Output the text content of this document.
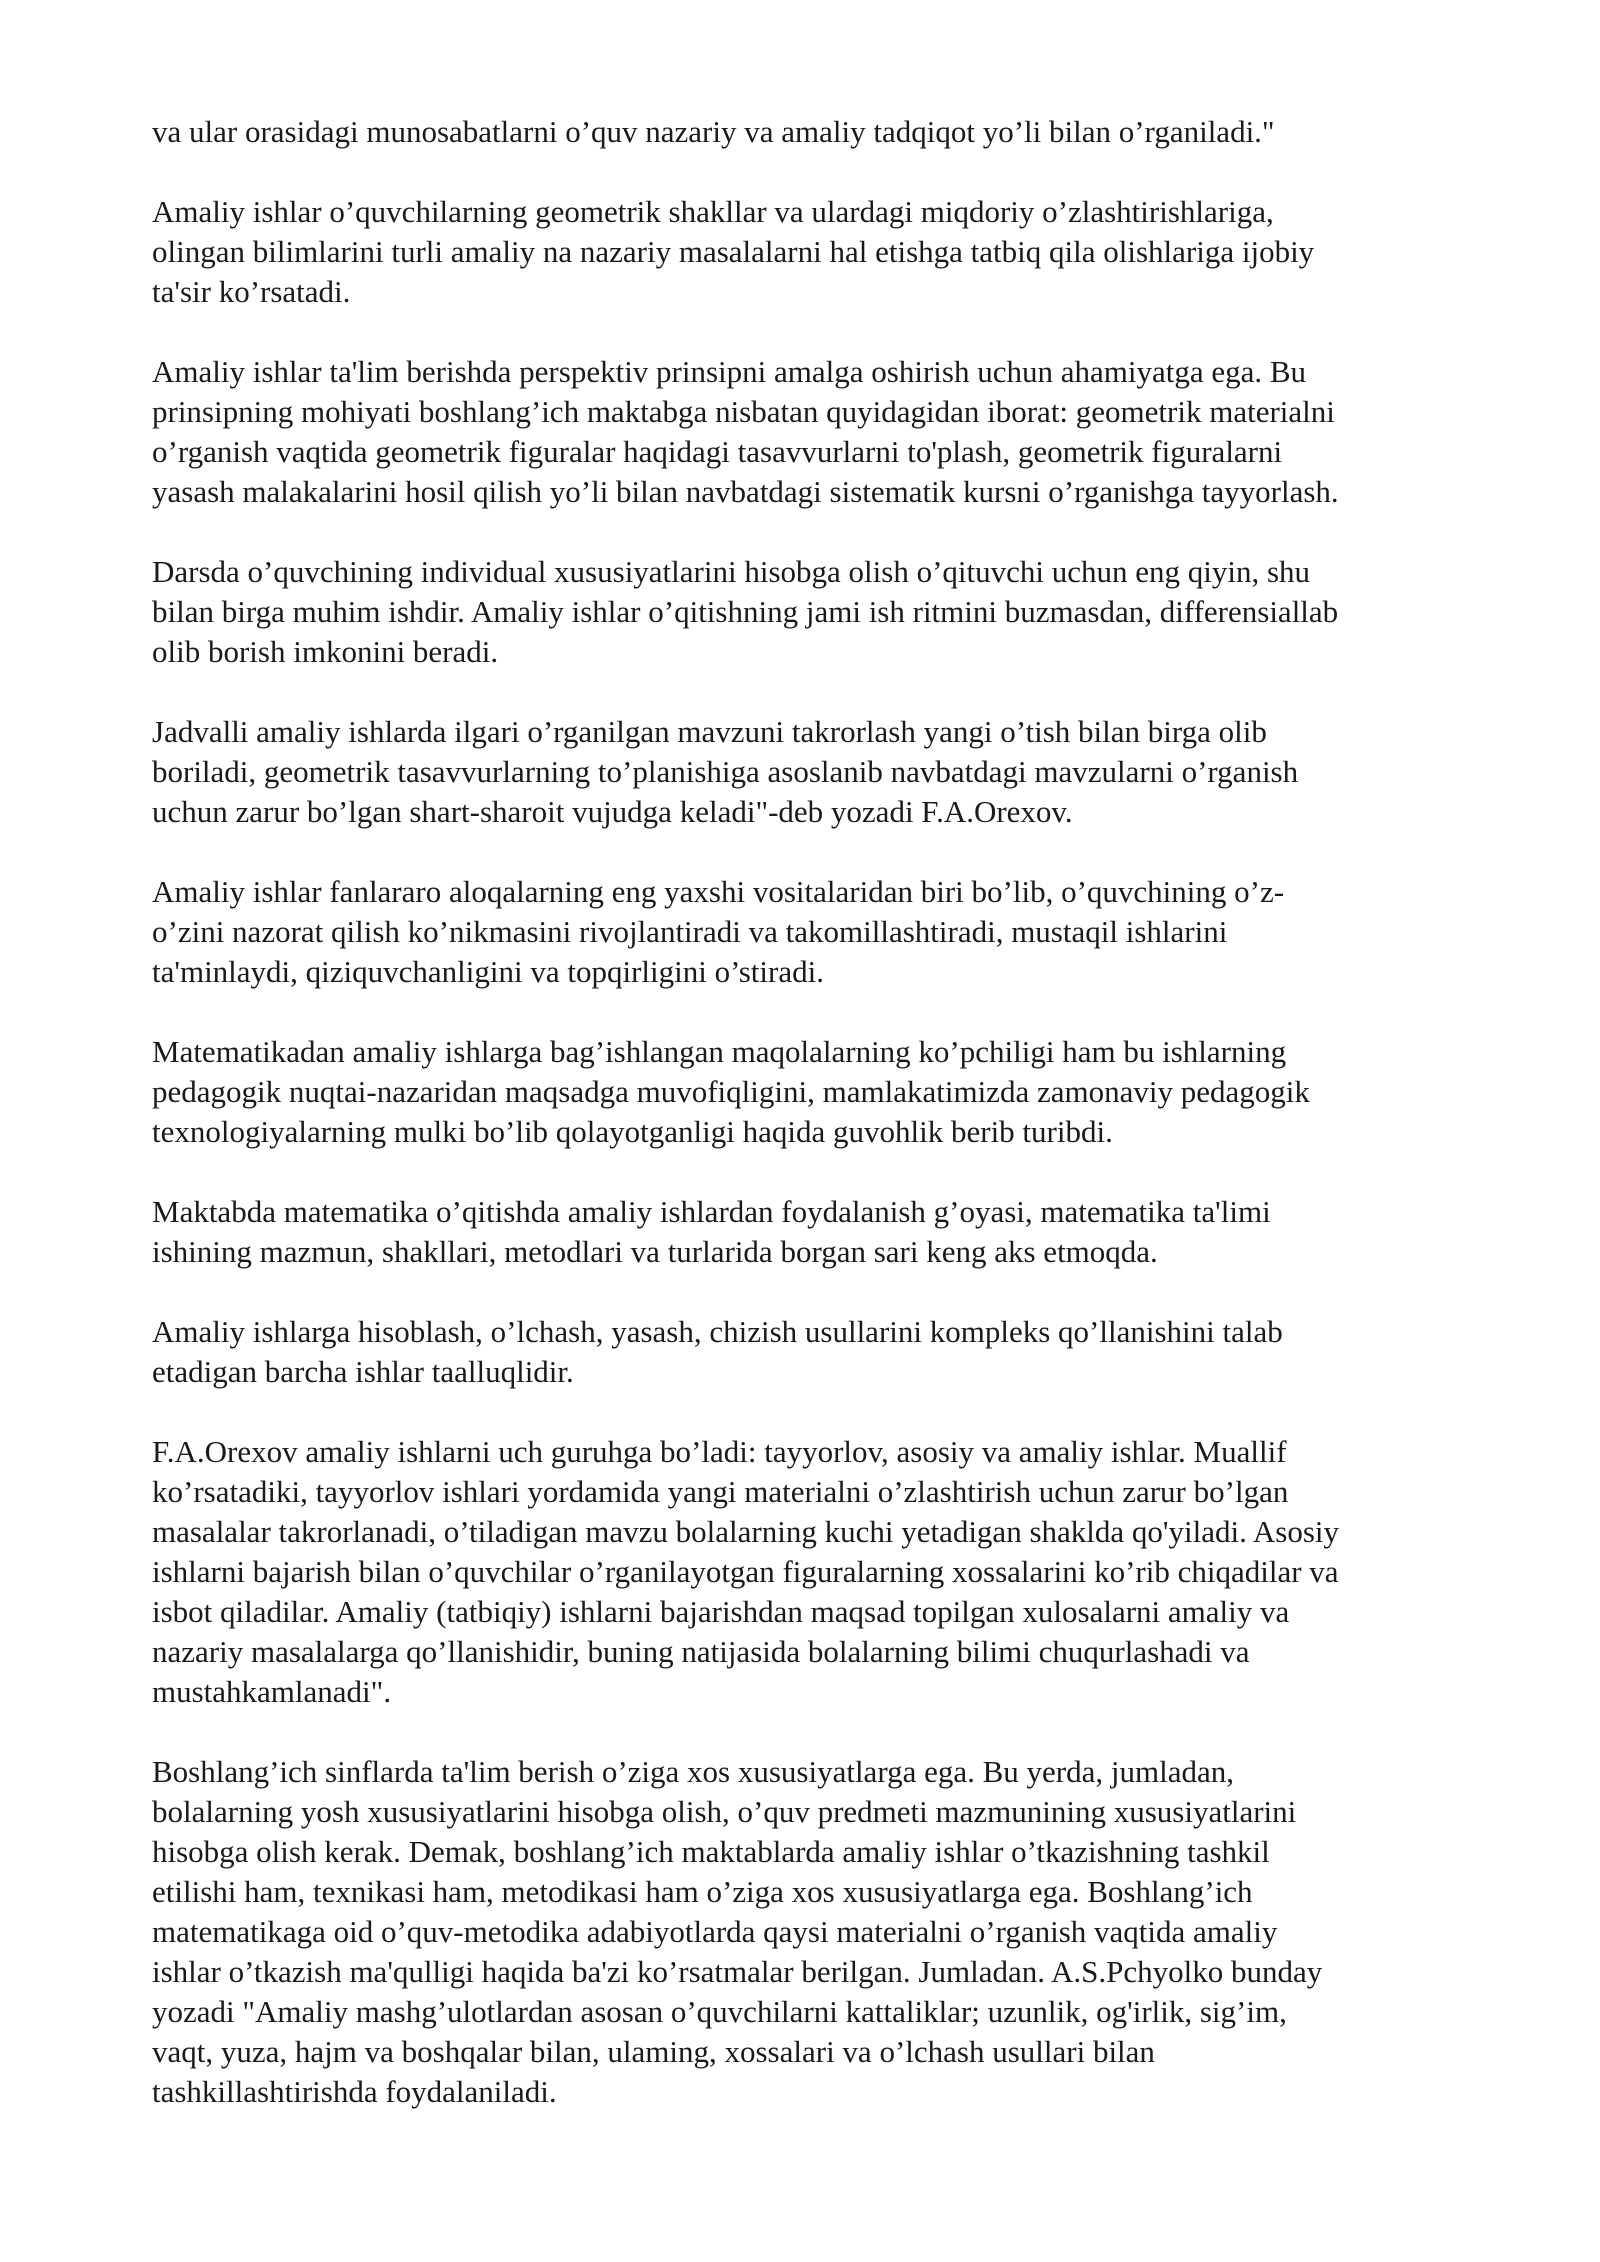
va ular orasidagi munosabatlarni o’quv nazariy va amaliy tadqiqot yo’li bilan o’rganiladi."

Amaliy ishlar o’quvchilarning geometrik shakllar va ulardagi miqdoriy o’zlashtirishlariga,
olingan bilimlarini turli amaliy na nazariy masalalarni hal etishga tatbiq qila olishlariga ijobiy
ta'sir ko’rsatadi.

Amaliy ishlar ta'lim berishda perspektiv prinsipni amalga oshirish uchun ahamiyatga ega. Bu
prinsipning mohiyati boshlang’ich maktabga nisbatan quyidagidan iborat: geometrik materialni
o’rganish vaqtida geometrik figuralar haqidagi tasavvurlarni to'plash, geometrik figuralarni
yasash malakalarini hosil qilish yo’li bilan navbatdagi sistematik kursni o’rganishga tayyorlash.

Darsda o’quvchining individual xususiyatlarini hisobga olish o’qituvchi uchun eng qiyin, shu
bilan birga muhim ishdir. Amaliy ishlar o’qitishning jami ish ritmini buzmasdan, differensiallab
olib borish imkonini beradi.

Jadvalli amaliy ishlarda ilgari o’rganilgan mavzuni takrorlash yangi o’tish bilan birga olib
boriladi, geometrik tasavvurlarning to’planishiga asoslanib navbatdagi mavzularni o’rganish
uchun zarur bo’lgan shart-sharoit vujudga keladi"-deb yozadi F.A.Orexov.

Amaliy ishlar fanlararo aloqalarning eng yaxshi vositalaridan biri bo’lib, o’quvchining o’z-
o’zini nazorat qilish ko’nikmasini rivojlantiradi va takomillashtiradi, mustaqil ishlarini
ta'minlaydi, qiziquvchanligini va topqirligini o’stiradi.

Matematikadan amaliy ishlarga bag’ishlangan maqolalarning ko’pchiligi ham bu ishlarning
pedagogik nuqtai-nazaridan maqsadga muvofiqligini, mamlakatimizda zamonaviy pedagogik
texnologiyalarning mulki bo’lib qolayotganligi haqida guvohlik berib turibdi.

Maktabda matematika o’qitishda amaliy ishlardan foydalanish g’oyasi, matematika ta'limi
ishining mazmun, shakllari, metodlari va turlarida borgan sari keng aks etmoqda.

Amaliy ishlarga hisoblash, o’lchash, yasash, chizish usullarini kompleks qo’llanishini talab
etadigan barcha ishlar taalluqlidir.

F.A.Orexov amaliy ishlarni uch guruhga bo’ladi: tayyorlov, asosiy va amaliy ishlar. Muallif
ko’rsatadiki, tayyorlov ishlari yordamida yangi materialni o’zlashtirish uchun zarur bo’lgan
masalalar takrorlanadi, o’tiladigan mavzu bolalarning kuchi yetadigan shaklda qo'yiladi. Asosiy
ishlarni bajarish bilan o’quvchilar o’rganilayotgan figuralarning xossalarini ko’rib chiqadilar va
isbot qiladilar. Amaliy (tatbiqiy) ishlarni bajarishdan maqsad topilgan xulosalarni amaliy va
nazariy masalalarga qo’llanishidir, buning natijasida bolalarning bilimi chuqurlashadi va
mustahkamlanadi".

Boshlang’ich sinflarda ta'lim berish o’ziga xos xususiyatlarga ega. Bu yerda, jumladan,
bolalarning yosh xususiyatlarini hisobga olish, o’quv predmeti mazmunining xususiyatlarini
hisobga olish kerak. Demak, boshlang’ich maktablarda amaliy ishlar o’tkazishning tashkil
etilishi ham, texnikasi ham, metodikasi ham o’ziga xos xususiyatlarga ega. Boshlang’ich
matematikaga oid o’quv-metodika adabiyotlarda qaysi materialni o’rganish vaqtida amaliy
ishlar o’tkazish ma'qulligi haqida ba'zi ko’rsatmalar berilgan. Jumladan. A.S.Pchyolko bunday
yozadi "Amaliy mashg’ulotlardan asosan o’quvchilarni kattaliklar; uzunlik, og'irlik, sig’im,
vaqt, yuza, hajm va boshqalar bilan, ulaming, xossalari va o’lchash usullari bilan
tashkillashtirishda foydalaniladi.
